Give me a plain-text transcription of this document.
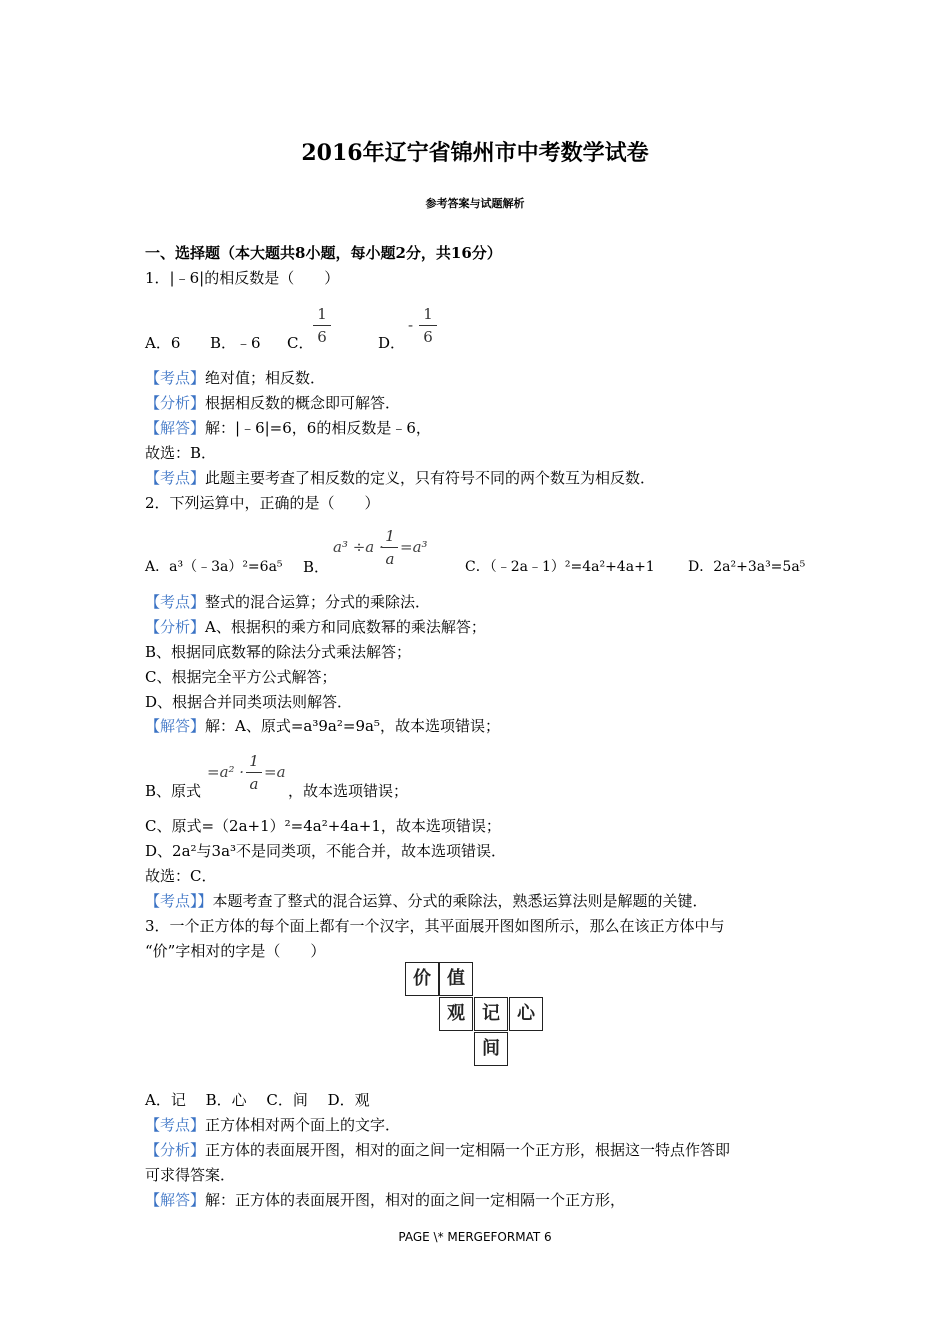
2016年辽宁省锦州市中考数学试卷
参考答案与试题解析
一、选择题（本大题共8小题，每小题2分，共16分）
1．|﹣6|的相反数是（　　）
A．6 B．﹣6 C．
1
6	D．
-
1
6
【考点】绝对值；相反数．
【分析】根据相反数的概念即可解答．
【解答】解：|﹣6|=6，6的相反数是﹣6，
故选：B．
【考点】此题主要考查了相反数的定义，只有符号不同的两个数互为相反数．
2．下列运算中，正确的是（　　）
A．a³（﹣3a）²=6a⁵ B．
a³ ÷a ·
1
a
=a³
C．（﹣2a﹣1）²=4a²+4a+1 D．2a²+3a³=5a⁵
【考点】整式的混合运算；分式的乘除法．
【分析】A、根据积的乘方和同底数幂的乘法解答；
B、根据同底数幂的除法分式乘法解答；
C、根据完全平方公式解答；
D、根据合并同类项法则解答．
【解答】解：A、原式=a³9a²=9a⁵，故本选项错误；
B、原式
=a² ·
1
a
=a
，故本选项错误；
C、原式=（2a+1）²=4a²+4a+1，故本选项错误；
D、2a²与3a³不是同类项，不能合并，故本选项错误．
故选：C．
【考点】】本题考查了整式的混合运算、分式的乘除法，熟悉运算法则是解题的关键．
3．一个正方体的每个面上都有一个汉字，其平面展开图如图所示，那么在该正方体中与
“价”字相对的字是（　　）
价 值
观 记 心
间
A．记　 B．心　 C．间　 D．观
【考点】正方体相对两个面上的文字．
【分析】正方体的表面展开图，相对的面之间一定相隔一个正方形，根据这一特点作答即
可求得答案．
【解答】解：正方体的表面展开图，相对的面之间一定相隔一个正方形，
PAGE \* MERGEFORMAT 6
